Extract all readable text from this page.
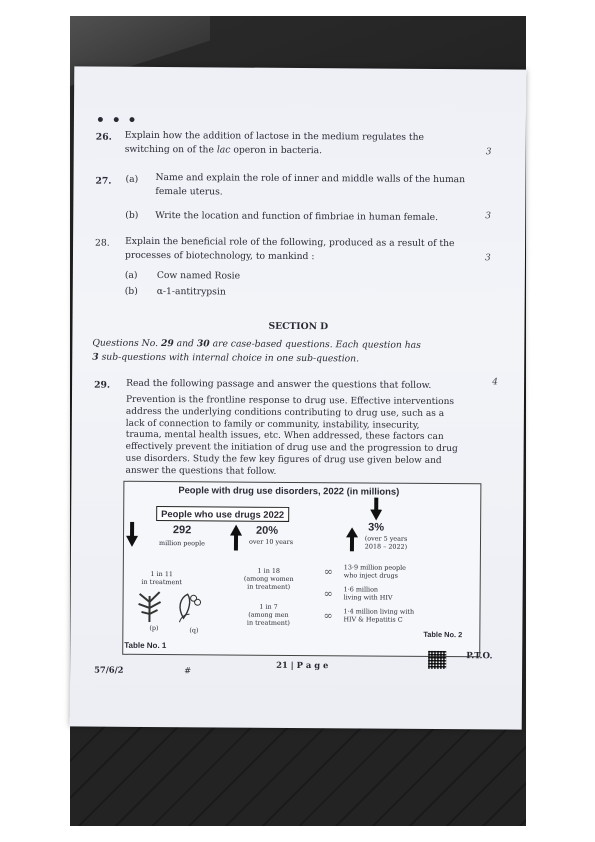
• • •
26. Explain how the addition of lactose in the medium regulates the
switching on of the lac operon in bacteria.	3
27. (a) Name and explain the role of inner and middle walls of the human
female uterus.
(b) Write the location and function of fimbriae in human female.	3
28. Explain the beneficial role of the following, produced as a result of the
processes of biotechnology, to mankind :	3
(a) Cow named Rosie
(b) α-1-antitrypsin
SECTION D
Questions No. 29 and 30 are case-based questions. Each question has
3 sub-questions with internal choice in one sub-question.
29. Read the following passage and answer the questions that follow.	4
Prevention is the frontline response to drug use. Effective interventions
address the underlying conditions contributing to drug use, such as a
lack of connection to family or community, instability, insecurity,
trauma, mental health issues, etc. When addressed, these factors can
effectively prevent the initiation of drug use and the progression to drug
use disorders. Study the few key figures of drug use given below and
answer the questions that follow.
People with drug use disorders, 2022 (in millions)
People who use drugs 2022
292
million people
20%
over 10 years
3%
(over 5 years
2018 – 2022)
1 in 11
in treatment
(p)	(q)
1 in 18
(among women
in treatment)
1 in 7
(among men
in treatment)
∞ 13·9 million people
who inject drugs
∞ 1·6 million
living with HIV
∞ 1·4 million living with
HIV & Hepatitis C
Table No. 2
Table No. 1
57/6/2	#
21 | P a g e
P.T.O.
